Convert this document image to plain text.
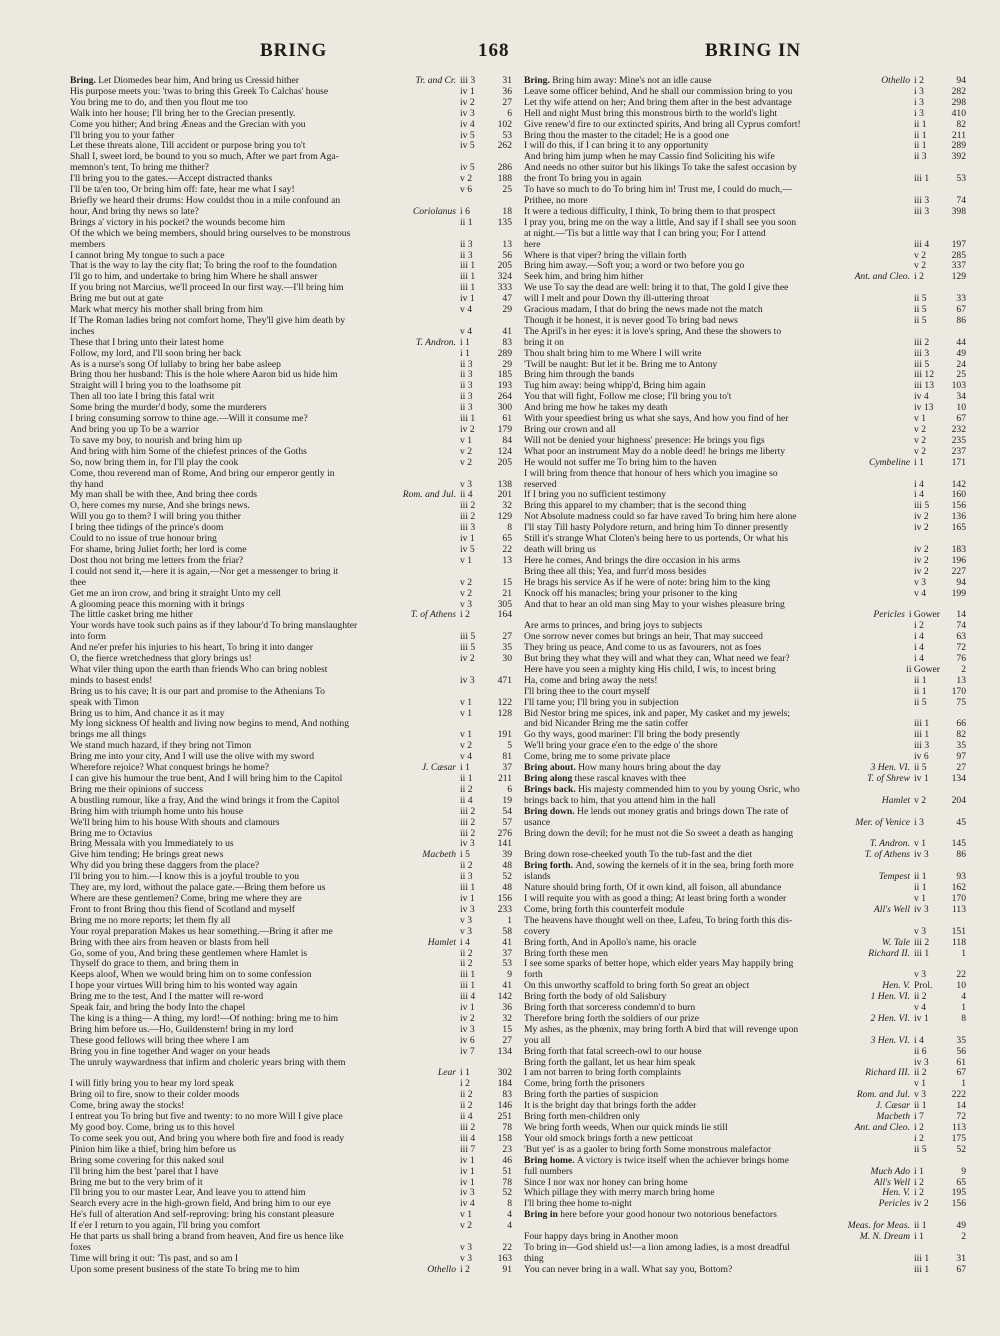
BRING	168	BRING IN
Bring. Let Diomedes bear him, And bring us Cressid hither	Tr. and Cr. iii 3	31
His purpose meets you: 'twas to bring this Greek To Calchas' house	iv 1	36
You bring me to do, and then you flout me too	iv 2	27
Walk into her house; I'll bring her to the Grecian presently.	iv 3	6
Come you hither; And bring Æneas and the Grecian with you	iv 4	102
I'll bring you to your father	iv 5	53
Let these threats alone, Till accident or purpose bring you to't	iv 5	262
Shall I, sweet lord, be bound to you so much, After we part from Aga-
memnon's tent, To bring me thither?	iv 5	286
I'll bring you to the gates.—Accept distracted thanks	v 2	188
I'll be ta'en too, Or bring him off: fate, hear me what I say!	v 6	25
Briefly we heard their drums: How couldst thou in a mile confound an
hour, And bring thy news so late?	Coriolanus i 6	18
Brings a' victory in his pocket? the wounds become him	ii 1	135
Of the which we being members, should bring ourselves to be monstrous
members	ii 3	13
I cannot bring My tongue to such a pace	ii 3	56
That is the way to lay the city flat; To bring the roof to the foundation	iii 1	205
I'll go to him, and undertake to bring him Where he shall answer	iii 1	324
If you bring not Marcius, we'll proceed In our first way.—I'll bring him	iii 1	333
Bring me but out at gate	iv 1	47
Mark what mercy his mother shall bring from him	v 4	29
If The Roman ladies bring not comfort home, They'll give him death by
inches	v 4	41
These that I bring unto their latest home	T. Andron. i 1	83
Follow, my lord, and I'll soon bring her back	i 1	289
As is a nurse's song Of lullaby to bring her babe asleep	ii 3	29
Bring thou her husband: This is the hole where Aaron bid us hide him	ii 3	185
Straight will I bring you to the loathsome pit	ii 3	193
Then all too late I bring this fatal writ	ii 3	264
Some bring the murder'd body, some the murderers	ii 3	300
I bring consuming sorrow to thine age.—Will it consume me?	iii 1	61
And bring you up To be a warrior	iv 2	179
To save my boy, to nourish and bring him up	v 1	84
And bring with him Some of the chiefest princes of the Goths	v 2	124
So, now bring them in, for I'll play the cook	v 2	205
Come, thou reverend man of Rome, And bring our emperor gently in
thy hand	v 3	138
My man shall be with thee, And bring thee cords	Rom. and Jul. ii 4	201
O, here comes my nurse, And she brings news.	iii 2	32
Will you go to them? I will bring you thither	iii 2	129
I bring thee tidings of the prince's doom	iii 3	8
Could to no issue of true honour bring	iv 1	65
For shame, bring Juliet forth; her lord is come	iv 5	22
Dost thou not bring me letters from the friar?	v 1	13
I could not send it,—here it is again,—Nor get a messenger to bring it
thee	v 2	15
Get me an iron crow, and bring it straight Unto my cell	v 2	21
A glooming peace this morning with it brings	v 3	305
The little casket bring me hither	T. of Athens i 2	164
Your words have took such pains as if they labour'd To bring manslaughter
into form	iii 5	27
And ne'er prefer his injuries to his heart, To bring it into danger	iii 5	35
O, the fierce wretchedness that glory brings us!	iv 2	30
What viler thing upon the earth than friends Who can bring noblest
minds to basest ends!	iv 3	471
Bring us to his cave; It is our part and promise to the Athenians To
speak with Timon	v 1	122
Bring us to him, And chance it as it may	v 1	128
My long sickness Of health and living now begins to mend, And nothing
brings me all things	v 1	191
We stand much hazard, if they bring not Timon	v 2	5
Bring me into your city, And I will use the olive with my sword	v 4	81
Wherefore rejoice? What conquest brings he home?	J. Cæsar i 1	37
I can give his humour the true bent, And I will bring him to the Capitol	ii 1	211
Bring me their opinions of success	ii 2	6
A bustling rumour, like a fray, And the wind brings it from the Capitol	ii 4	19
Bring him with triumph home unto his house	iii 2	54
We'll bring him to his house With shouts and clamours	iii 2	57
Bring me to Octavius	iii 2	276
Bring Messala with you Immediately to us	iv 3	141
Give him tending; He brings great news	Macbeth i 5	39
Why did you bring these daggers from the place?	ii 2	48
I'll bring you to him.—I know this is a joyful trouble to you	ii 3	52
They are, my lord, without the palace gate.—Bring them before us	iii 1	48
Where are these gentlemen? Come, bring me where they are	iv 1	156
Front to front Bring thou this fiend of Scotland and myself	iv 3	233
Bring me no more reports; let them fly all	v 3	1
Your royal preparation Makes us hear something.—Bring it after me	v 3	58
Bring with thee airs from heaven or blasts from hell	Hamlet i 4	41
Go, some of you, And bring these gentlemen where Hamlet is	ii 2	37
Thyself do grace to them, and bring them in	ii 2	53
Keeps aloof, When we would bring him on to some confession	iii 1	9
I hope your virtues Will bring him to his wonted way again	iii 1	41
Bring me to the test, And I the matter will re-word	iii 4	142
Speak fair, and bring the body Into the chapel	iv 1	36
The king is a thing— A thing, my lord!—Of nothing: bring me to him	iv 2	32
Bring him before us.—Ho, Guildenstern! bring in my lord	iv 3	15
These good fellows will bring thee where I am	iv 6	27
Bring you in fine together And wager on your heads	iv 7	134
The unruly waywardness that infirm and choleric years bring with them
Lear i 1	302
I will fitly bring you to hear my lord speak	i 2	184
Bring oil to fire, snow to their colder moods	ii 2	83
Come, bring away the stocks!	ii 2	146
I entreat you To bring but five and twenty: to no more Will I give place	ii 4	251
My good boy. Come, bring us to this hovel	iii 2	78
To come seek you out, And bring you where both fire and food is ready	iii 4	158
Pinion him like a thief, bring him before us	iii 7	23
Bring some covering for this naked soul	iv 1	46
I'll bring him the best 'parel that I have	iv 1	51
Bring me but to the very brim of it	iv 1	78
I'll bring you to our master Lear, And leave you to attend him	iv 3	52
Search every acre in the high-grown field, And bring him to our eye	iv 4	8
He's full of alteration And self-reproving: bring his constant pleasure	v 1	4
If e'er I return to you again, I'll bring you comfort	v 2	4
He that parts us shall bring a brand from heaven, And fire us hence like
foxes	v 3	22
Time will bring it out: 'Tis past, and so am I	v 3	163
Upon some present business of the state To bring me to him	Othello i 2	91
Bring. Bring him away: Mine's not an idle cause	Othello i 2	94
Leave some officer behind, And he shall our commission bring to you	i 3	282
Let thy wife attend on her; And bring them after in the best advantage	i 3	298
Hell and night Must bring this monstrous birth to the world's light	i 3	410
Give renew'd fire to our extincted spirits, And bring all Cyprus comfort!	ii 1	82
Bring thou the master to the citadel; He is a good one	ii 1	211
I will do this, if I can bring it to any opportunity	ii 1	289
And bring him jump when he may Cassio find Soliciting his wife	ii 3	392
And needs no other suitor but his likings To take the safest occasion by
the front To bring you in again	iii 1	53
To have so much to do To bring him in! Trust me, I could do much,—
Prithee, no more	iii 3	74
It were a tedious difficulty, I think, To bring them to that prospect	iii 3	398
I pray you, bring me on the way a little, And say if I shall see you soon
at night.—'Tis but a little way that I can bring you; For I attend
here	iii 4	197
Where is that viper? bring the villain forth	v 2	285
Bring him away.—Soft you; a word or two before you go	v 2	337
Seek him, and bring him hither	Ant. and Cleo. i 2	129
We use To say the dead are well: bring it to that, The gold I give thee
will I melt and pour Down thy ill-uttering throat	ii 5	33
Gracious madam, I that do bring the news made not the match	ii 5	67
Though it be honest, it is never good To bring bad news	ii 5	86
The April's in her eyes: it is love's spring, And these the showers to
bring it on	iii 2	44
Thou shalt bring him to me Where I will write	iii 3	49
'Twill be naught: But let it be. Bring me to Antony	iii 5	24
Bring him through the bands	iii 12	25
Tug him away: being whipp'd, Bring him again	iii 13	103
You that will fight, Follow me close; I'll bring you to't	iv 4	34
And bring me how he takes my death	iv 13	10
With your speediest bring us what she says, And how you find of her	v 1	67
Bring our crown and all	v 2	232
Will not be denied your highness' presence: He brings you figs	v 2	235
What poor an instrument May do a noble deed! he brings me liberty	v 2	237
He would not suffer me To bring him to the haven	Cymbeline i 1	171
I will bring from thence that honour of hers which you imagine so
reserved	i 4	142
If I bring you no sufficient testimony	i 4	160
Bring this apparel to my chamber; that is the second thing	iii 5	156
Not Absolute madness could so far have raved To bring him here alone	iv 2	136
I'll stay Till hasty Polydore return, and bring him To dinner presently	iv 2	165
Still it's strange What Cloten's being here to us portends, Or what his
death will bring us	iv 2	183
Here he comes, And brings the dire occasion in his arms	iv 2	196
Bring thee all this; Yea, and furr'd moss besides	iv 2	227
He brags his service As if he were of note: bring him to the king	v 3	94
Knock off his manacles; bring your prisoner to the king	v 4	199
And that to hear an old man sing May to your wishes pleasure bring
Pericles i Gower	14
Are arms to princes, and bring joys to subjects	i 2	74
One sorrow never comes but brings an heir, That may succeed	i 4	63
They bring us peace, And come to us as favourers, not as foes	i 4	72
But bring they what they will and what they can, What need we fear?	i 4	76
Here have you seen a mighty king His child, I wis, to incest bring	ii Gower	2
Ha, come and bring away the nets!	ii 1	13
I'll bring thee to the court myself	ii 1	170
I'll tame you; I'll bring you in subjection	ii 5	75
Bid Nestor bring me spices, ink and paper, My casket and my jewels;
and bid Nicander Bring me the satin coffer	iii 1	66
Go thy ways, good mariner: I'll bring the body presently	iii 1	82
We'll bring your grace e'en to the edge o' the shore	iii 3	35
Come, bring me to some private place	iv 6	97
Bring about. How many hours bring about the day	3 Hen. VI. ii 5	27
Bring along these rascal knaves with thee	T. of Shrew iv 1	134
Brings back. His majesty commended him to you by young Osric, who
brings back to him, that you attend him in the hall	Hamlet v 2	204
Bring down. He lends out money gratis and brings down The rate of
usance	Mer. of Venice i 3	45
Bring down the devil; for he must not die So sweet a death as hanging
T. Andron. v 1	145
Bring down rose-cheeked youth To the tub-fast and the diet	T. of Athens iv 3	86
Bring forth. And, sowing the kernels of it in the sea, bring forth more
islands	Tempest ii 1	93
Nature should bring forth, Of it own kind, all foison, all abundance	ii 1	162
I will requite you with as good a thing; At least bring forth a wonder	v 1	170
Come, bring forth this counterfeit module	All's Well iv 3	113
The heavens have thought well on thee, Lafeu, To bring forth this dis-
covery	v 3	151
Bring forth, And in Apollo's name, his oracle	W. Tale iii 2	118
Bring forth these men	Richard II. iii 1	1
I see some sparks of better hope, which elder years May happily bring
forth	v 3	22
On this unworthy scaffold to bring forth So great an object	Hen. V. Prol.	10
Bring forth the body of old Salisbury	1 Hen. VI. ii 2	4
Bring forth that sorceress condemn'd to burn	v 4	1
Therefore bring forth the soldiers of our prize	2 Hen. VI. iv 1	8
My ashes, as the phœnix, may bring forth A bird that will revenge upon
you all	3 Hen. VI. i 4	35
Bring forth that fatal screech-owl to our house	ii 6	56
Bring forth the gallant, let us hear him speak	iv 3	61
I am not barren to bring forth complaints	Richard III. ii 2	67
Come, bring forth the prisoners	v 1	1
Bring forth the parties of suspicion	Rom. and Jul. v 3	222
It is the bright day that brings forth the adder	J. Cæsar ii 1	14
Bring forth men-children only	Macbeth i 7	72
We bring forth weeds, When our quick minds lie still	Ant. and Cleo. i 2	113
Your old smock brings forth a new petticoat	i 2	175
'But yet' is as a gaoler to bring forth Some monstrous malefactor	ii 5	52
Bring home. A victory is twice itself when the achiever brings home
full numbers	Much Ado i 1	9
Since I nor wax nor honey can bring home	All's Well i 2	65
Which pillage they with merry march bring home	Hen. V. i 2	195
I'll bring thee home to-night	Pericles iv 2	156
Bring in here before your good honour two notorious benefactors
Meas. for Meas. ii 1	49
Four happy days bring in Another moon	M. N. Dream i 1	2
To bring in—God shield us!—a lion among ladies, is a most dreadful
thing	iii 1	31
You can never bring in a wall. What say you, Bottom?	iii 1	67
